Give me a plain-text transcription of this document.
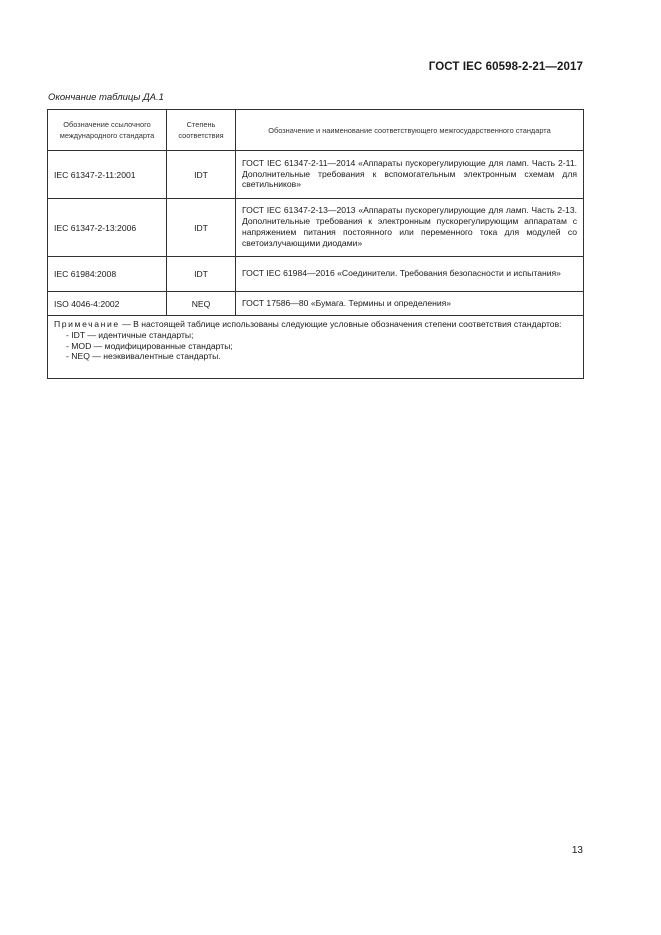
ГОСТ IEC 60598-2-21—2017
Окончание таблицы ДА.1
Обозначение ссылочного международного стандарта	Степень соответствия	Обозначение и наименование соответствующего межгосударственного стандарта
IEC 61347-2-11:2001	IDT	ГОСТ IEC 61347-2-11—2014 «Аппараты пускорегулирующие для ламп. Часть 2-11. Дополнительные требования к вспомогательным электронным схемам для светильников»
IEC 61347-2-13:2006	IDT	ГОСТ IEC 61347-2-13—2013 «Аппараты пускорегулирующие для ламп. Часть 2-13. Дополнительные требования к электронным пускорегулирующим аппаратам с напряжением питания постоянного или переменного тока для модулей со светоизлучающими диодами»
IEC 61984:2008	IDT	ГОСТ IEC 61984—2016 «Соединители. Требования безопасности и испытания»
ISO 4046-4:2002	NEQ	ГОСТ 17586—80 «Бумага. Термины и определения»

Примечание — В настоящей таблице использованы следующие условные обозначения степени соответствия стандартов:
- IDT — идентичные стандарты;
- MOD — модифицированные стандарты;
- NEQ — неэквивалентные стандарты.		
13
